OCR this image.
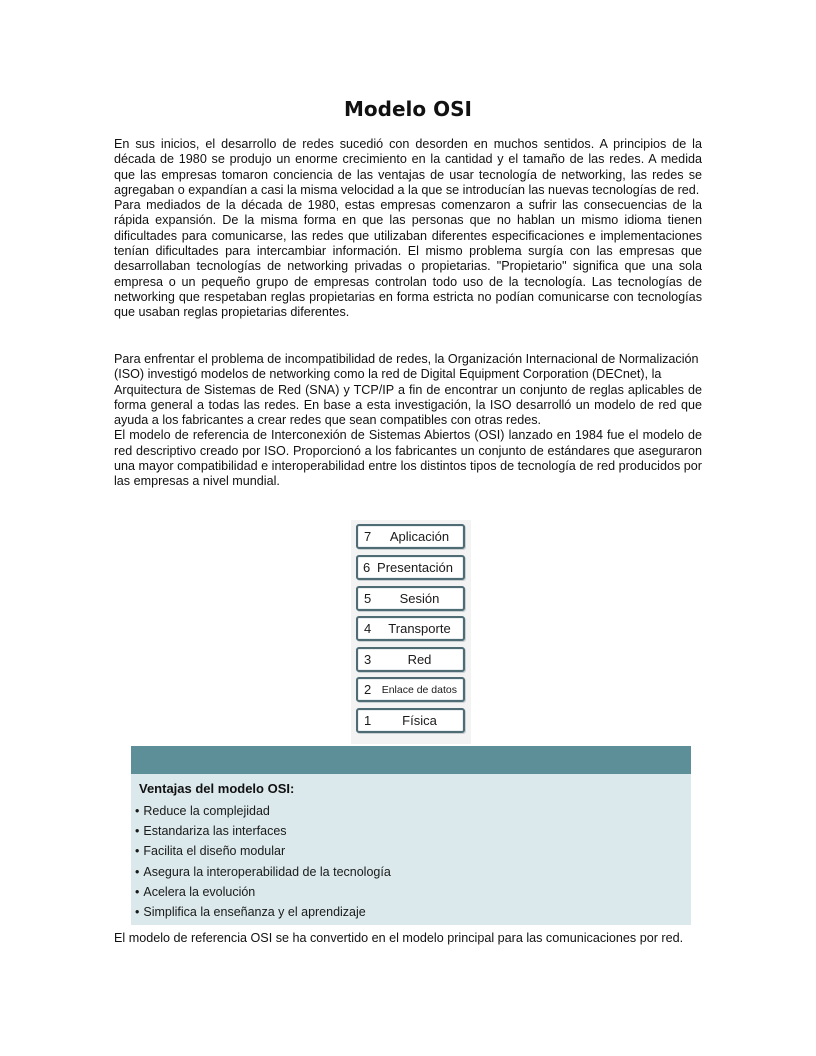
Modelo OSI

En sus inicios, el desarrollo de redes sucedió con desorden en muchos sentidos. A principios de la década de 1980 se produjo un enorme crecimiento en la cantidad y el tamaño de las redes. A medida que las empresas tomaron conciencia de las ventajas de usar tecnología de networking, las redes se agregaban o expandían a casi la misma velocidad a la que se introducían las nuevas tecnologías de red.

Para mediados de la década de 1980, estas empresas comenzaron a sufrir las consecuencias de la rápida expansión. De la misma forma en que las personas que no hablan un mismo idioma tienen dificultades para comunicarse, las redes que utilizaban diferentes especificaciones e implementaciones tenían dificultades para intercambiar información. El mismo problema surgía con las empresas que desarrollaban tecnologías de networking privadas o propietarias. "Propietario" significa que una sola empresa o un pequeño grupo de empresas controlan todo uso de la tecnología. Las tecnologías de networking que respetaban reglas propietarias en forma estricta no podían comunicarse con tecnologías que usaban reglas propietarias diferentes.

Para enfrentar el problema de incompatibilidad de redes, la Organización Internacional de Normalización

(ISO) investigó modelos de networking como la red de Digital Equipment Corporation (DECnet), la

Arquitectura de Sistemas de Red (SNA) y TCP/IP a fin de encontrar un conjunto de reglas aplicables de forma general a todas las redes. En base a esta investigación, la ISO desarrolló un modelo de red que ayuda a los fabricantes a crear redes que sean compatibles con otras redes.

El modelo de referencia de Interconexión de Sistemas Abiertos (OSI) lanzado en 1984 fue el modelo de red descriptivo creado por ISO. Proporcionó a los fabricantes un conjunto de estándares que aseguraron una mayor compatibilidad e interoperabilidad entre los distintos tipos de tecnología de red producidos por las empresas a nivel mundial.

7	Aplicación
6 Presentación
5	Sesión
4	Transporte
3	Red
2 Enlace de datos
1	Física
Ventajas del modelo OSI:
• Reduce la complejidad
• Estandariza las interfaces
• Facilita el diseño modular
• Asegura la interoperabilidad de la tecnología
• Acelera la evolución
• Simplifica la enseñanza y el aprendizaje

El modelo de referencia OSI se ha convertido en el modelo principal para las comunicaciones por red.
